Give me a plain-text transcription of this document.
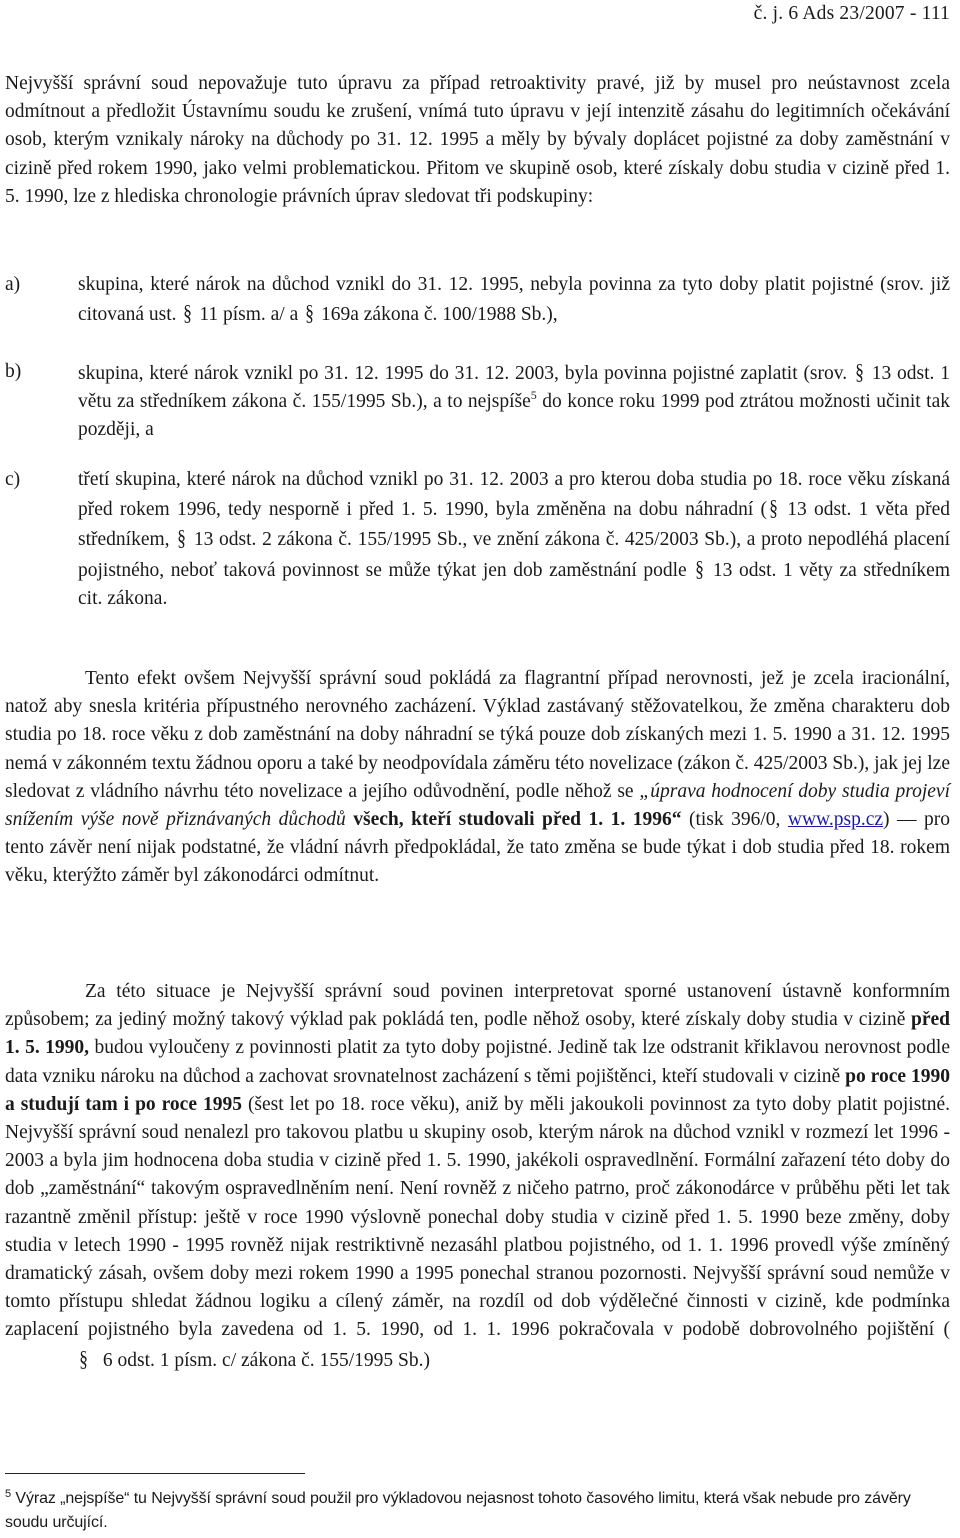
č. j. 6 Ads 23/2007 - 111
Nejvyšší správní soud nepovažuje tuto úpravu za případ retroaktivity pravé, již by musel pro neústavnost zcela odmítnout a předložit Ústavnímu soudu ke zrušení, vnímá tuto úpravu v její intenzitě zásahu do legitimních očekávání osob, kterým vznikaly nároky na důchody po 31. 12. 1995 a měly by bývaly doplácet pojistné za doby zaměstnání v cizině před rokem 1990, jako velmi problematickou. Přitom ve skupině osob, které získaly dobu studia v cizině před 1. 5. 1990, lze z hlediska chronologie právních úprav sledovat tři podskupiny:
a)	skupina, které nárok na důchod vznikl do 31. 12. 1995, nebyla povinna za tyto doby platit pojistné (srov. již citovaná ust. § 11 písm. a/ a § 169a zákona č. 100/1988 Sb.),
b)	skupina, které nárok vznikl po 31. 12. 1995 do 31. 12. 2003, byla povinna pojistné zaplatit (srov. § 13 odst. 1 větu za středníkem zákona č. 155/1995 Sb.), a to nejspíše$^5$ do konce roku 1999 pod ztrátou možnosti učinit tak později, a
c)	třetí skupina, které nárok na důchod vznikl po 31. 12. 2003 a pro kterou doba studia po 18. roce věku získaná před rokem 1996, tedy nesporně i před 1. 5. 1990, byla změněna na dobu náhradní (§ 13 odst. 1 věta před středníkem, § 13 odst. 2 zákona č. 155/1995 Sb., ve znění zákona č. 425/2003 Sb.), a proto nepodléhá placení pojistného, neboť taková povinnost se může týkat jen dob zaměstnání podle § 13 odst. 1 věty za středníkem cit. zákona.
Tento efekt ovšem Nejvyšší správní soud pokládá za flagrantní případ nerovnosti, jež je zcela iracionální, natož aby snesla kritéria přípustného nerovného zacházení. Výklad zastávaný stěžovatelkou, že změna charakteru dob studia po 18. roce věku z dob zaměstnání na doby náhradní se týká pouze dob získaných mezi 1. 5. 1990 a 31. 12. 1995 nemá v zákonném textu žádnou oporu a také by neodpovídala záměru této novelizace (zákon č. 425/2003 Sb.), jak jej lze sledovat z vládního návrhu této novelizace a jejího odůvodnění, podle něhož se „úprava hodnocení doby studia projeví snížením výše nově přiznávaných důchodů všech, kteří studovali před 1. 1. 1996“ (tisk 396/0, www.psp.cz) — pro tento závěr není nijak podstatné, že vládní návrh předpokládal, že tato změna se bude týkat i dob studia před 18. rokem věku, kterýžto záměr byl zákonodárci odmítnut.
Za této situace je Nejvyšší správní soud povinen interpretovat sporné ustanovení ústavně konformním způsobem; za jediný možný takový výklad pak pokládá ten, podle něhož osoby, které získaly doby studia v cizině před 1. 5. 1990, budou vyloučeny z povinnosti platit za tyto doby pojistné. Jedině tak lze odstranit křiklavou nerovnost podle data vzniku nároku na důchod a zachovat srovnatelnost zacházení s těmi pojištěnci, kteří studovali v cizině po roce 1990 a studují tam i po roce 1995 (šest let po 18. roce věku), aniž by měli jakoukoli povinnost za tyto doby platit pojistné. Nejvyšší správní soud nenalezl pro takovou platbu u skupiny osob, kterým nárok na důchod vznikl v rozmezí let 1996 - 2003 a byla jim hodnocena doba studia v cizině před 1. 5. 1990, jakékoli ospravedlnění. Formální zařazení této doby do dob „zaměstnání“ takovým ospravedlněním není. Není rovněž z ničeho patrno, proč zákonodárce v průběhu pěti let tak razantně změnil přístup: ještě v roce 1990 výslovně ponechal doby studia v cizině před 1. 5. 1990 beze změny, doby studia v letech 1990 - 1995 rovněž nijak restriktivně nezasáhl platbou pojistného, od 1. 1. 1996 provedl výše zmíněný dramatický zásah, ovšem doby mezi rokem 1990 a 1995 ponechal stranou pozornosti. Nejvyšší správní soud nemůže v tomto přístupu shledat žádnou logiku a cílený záměr, na rozdíl od dob výdělečné činnosti v cizině, kde podmínka zaplacení pojistného byla zavedena od 1. 5. 1990, od 1. 1. 1996 pokračovala v podobě dobrovolného pojištění (§ 6 odst. 1 písm. c/ zákona č. 155/1995 Sb.)
$^5$ Výraz „nejspíše“ tu Nejvyšší správní soud použil pro výkladovou nejasnost tohoto časového limitu, která však nebude pro závěry soudu určující.
